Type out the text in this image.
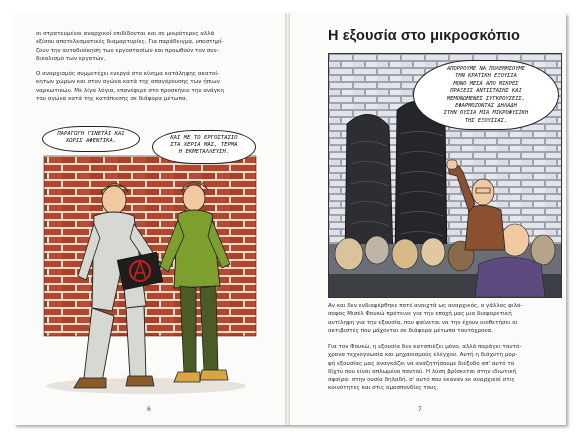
οι στρατευμένοι αναρχικοί επιδίδονται και σε μικρότερες αλλά
εξίσου αποτελεσματικές διαμαρτυρίες. Για παράδειγμα, υποστηρί-
ζουν την αυτοδιοίκηση των εργοστασίων και προωθούν τον συν-
δικαλισμό των εργατών.

Ο αναρχισμός συμμετέχει ενεργά στο κίνημα κατάληψης ακατοί-
κητων χώρων και στον αγώνα κατά της απαγόρευσης των ήπιων
ναρκωτικών. Με λίγα λόγια, επανέφερε στο προσκήνιο την ανάγκη
του αγώνα κατά της κατάπιεσης σε διάφορα μέτωπα.

ΠΑΡΑΓΩΓΗ ΓΙΝΕΤΑΙ ΚΑΙ
ΧΩΡΙΣ ΑΦΕΝΤΙΚΑ.	ΚΑΙ ΜΕ ΤΟ ΕΡΓΟΣΤΑΣΙΟ
ΣΤΑ ΧΕΡΙΑ ΜΑΣ, ΤΕΡΜΑ
Η ΕΚΜΕΤΑΛΛΕΥΣΗ.
6
Η εξουσία στο μικροσκόπιο
ΑΠΟΡΡΟΥΜΕ ΝΑ ΠΟΛΕΜΗΣΟΥΜΕ
ΤΗΝ ΚΡΑΤΙΚΗ ΕΞΟΥΣΙΑ
ΜΟΝΟ ΜΕΣΑ ΑΠΟ ΜΙΚΡΕΣ
ΠΡΑΞΕΙΣ ΑΝΤΙΣΤΑΣΗΣ ΚΑΙ
ΜΕΜΟΝΩΜΕΝΕΣ ΣΥΓΚΡΟΥΣΕΙΣ,
ΕΦΑΡΜΟΖΟΝΤΑΣ ΔΗΛΑΔΗ
ΣΤΗΝ ΟΥΣΙΑ ΜΙΑ ΜΙΚΡΟΦΥΣΙΚΗ
ΤΗΣ ΕΞΟΥΣΙΑΣ.

Αν και δεν ενδιαφέρθηκε ποτέ ανοιχτά ως αναρχικός, ο γάλλος φιλό-
σοφος Μισέλ Φουκώ πρότεινε για την εποχή μας μια διαφορετική
αντίληψη για την εξουσία, που φαίνεται να την έχουν υιοθετήσει οι
ακτιβιστές που μάχονται σε διάφορα μέτωπα ταυτόχρονα.

Για τον Φουκώ, η εξουσία δεν καταπιέζει μόνο, αλλά παράγει ταυτό-
χρονα τεχνογνωσία και μηχανισμούς ελέγχου. Αυτή η διάχυτη μορ-
φή εξουσίας μας αναγκάζει να αναζητήσουμε διέξοδο απ' αυτό το
δίχτυ που είναι απλωμένο παντού. Η λύση βρίσκεται στην ιδιωτική
σφαίρα: στην ουσία δηλαδή, σ' αυτό που έκαναν εκ αναρχικοί στις
κοινότητες και στις ομοσπονδίες τους.

7
